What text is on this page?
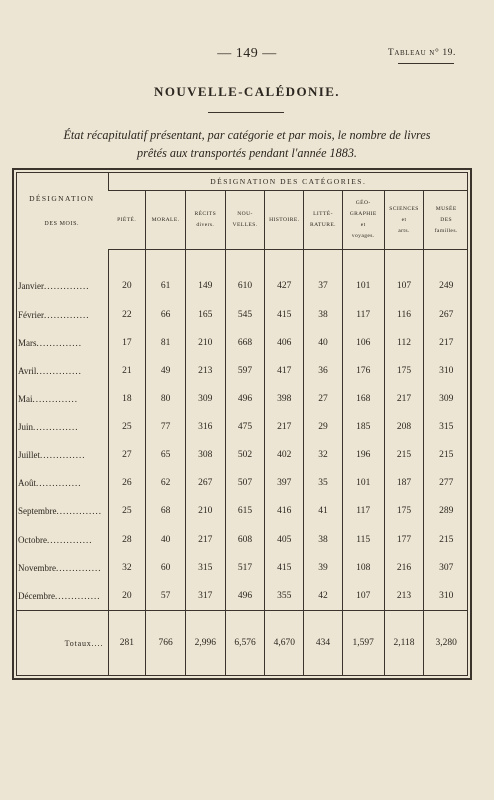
— 149 —	Tableau n° 19.
NOUVELLE-CALÉDONIE.
État récapitulatif présentant, par catégorie et par mois, le nombre de livres
prêtés aux transportés pendant l'année 1883.
DÉSIGNATION
DES MOIS.	DÉSIGNATION DES CATÉGORIES.								

	PIÉTÉ.	MORALE.	RÉCITS
divers.	NOU-
VELLES.	HISTOIRE.	LITTÉ-
RATURE.	GÉO-
GRAPHIE
et
voyages.	SCIENCES
et
arts.	MUSÉE
DES
familles.

Janvier..............	20	61	149	610	427	37	101	107	249
Février..............	22	66	165	545	415	38	117	116	267
Mars..............	17	81	210	668	406	40	106	112	217
Avril..............	21	49	213	597	417	36	176	175	310
Mai..............	18	80	309	496	398	27	168	217	309
Juin..............	25	77	316	475	217	29	185	208	315
Juillet..............	27	65	308	502	402	32	196	215	215
Août..............	26	62	267	507	397	35	101	187	277
Septembre..............	25	68	210	615	416	41	117	175	289
Octobre..............	28	40	217	608	405	38	115	177	215
Novembre..............	32	60	315	517	415	39	108	216	307
Décembre..............	20	57	317	496	355	42	107	213	310
Totaux....	281	766	2,996	6,576	4,670	434	1,597	2,118	3,280
